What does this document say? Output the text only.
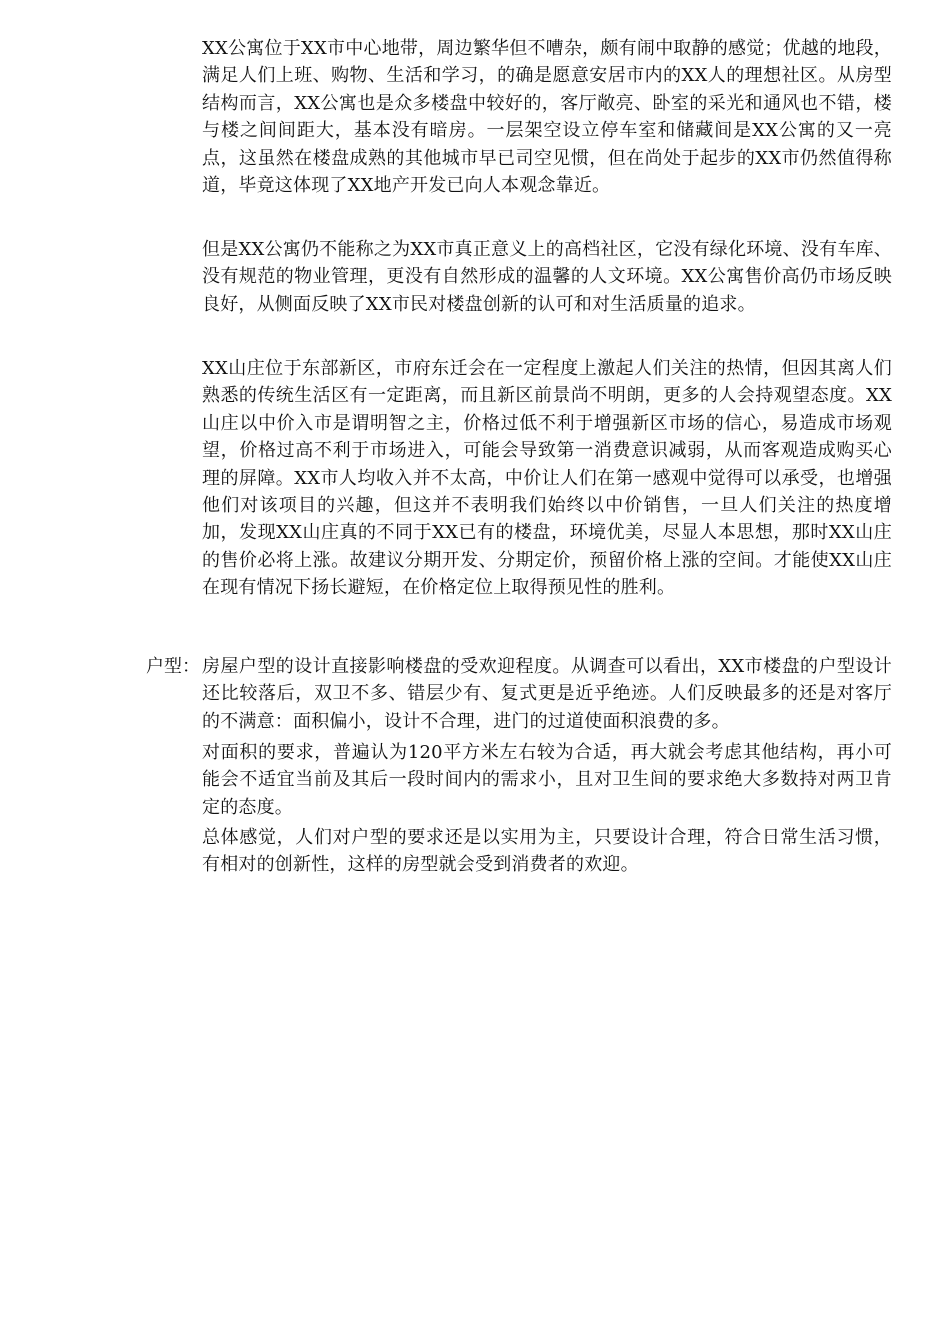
XX公寓位于XX市中心地带，周边繁华但不嘈杂，颇有闹中取静的感觉；优越的地段，满足人们上班、购物、生活和学习，的确是愿意安居市内的XX人的理想社区。从房型结构而言，XX公寓也是众多楼盘中较好的，客厅敞亮、卧室的采光和通风也不错，楼与楼之间间距大，基本没有暗房。一层架空设立停车室和储藏间是XX公寓的又一亮点，这虽然在楼盘成熟的其他城市早已司空见惯，但在尚处于起步的XX市仍然值得称道，毕竟这体现了XX地产开发已向人本观念靠近。

但是XX公寓仍不能称之为XX市真正意义上的高档社区，它没有绿化环境、没有车库、没有规范的物业管理，更没有自然形成的温馨的人文环境。XX公寓售价高仍市场反映良好，从侧面反映了XX市民对楼盘创新的认可和对生活质量的追求。

XX山庄位于东部新区，市府东迁会在一定程度上激起人们关注的热情，但因其离人们熟悉的传统生活区有一定距离，而且新区前景尚不明朗，更多的人会持观望态度。XX山庄以中价入市是谓明智之主，价格过低不利于增强新区市场的信心，易造成市场观望，价格过高不利于市场进入，可能会导致第一消费意识减弱，从而客观造成购买心理的屏障。XX市人均收入并不太高，中价让人们在第一感观中觉得可以承受，也增强他们对该项目的兴趣，但这并不表明我们始终以中价销售，一旦人们关注的热度增加，发现XX山庄真的不同于XX已有的楼盘，环境优美，尽显人本思想，那时XX山庄的售价必将上涨。故建议分期开发、分期定价，预留价格上涨的空间。才能使XX山庄在现有情况下扬长避短，在价格定位上取得预见性的胜利。

户型： 房屋户型的设计直接影响楼盘的受欢迎程度。从调查可以看出，XX市楼盘的户型设计还比较落后，双卫不多、错层少有、复式更是近乎绝迹。人们反映最多的还是对客厅的不满意：面积偏小，设计不合理，进门的过道使面积浪费的多。

对面积的要求，普遍认为120平方米左右较为合适，再大就会考虑其他结构，再小可能会不适宜当前及其后一段时间内的需求小，且对卫生间的要求绝大多数持对两卫肯定的态度。

总体感觉，人们对户型的要求还是以实用为主，只要设计合理，符合日常生活习惯，有相对的创新性，这样的房型就会受到消费者的欢迎。
